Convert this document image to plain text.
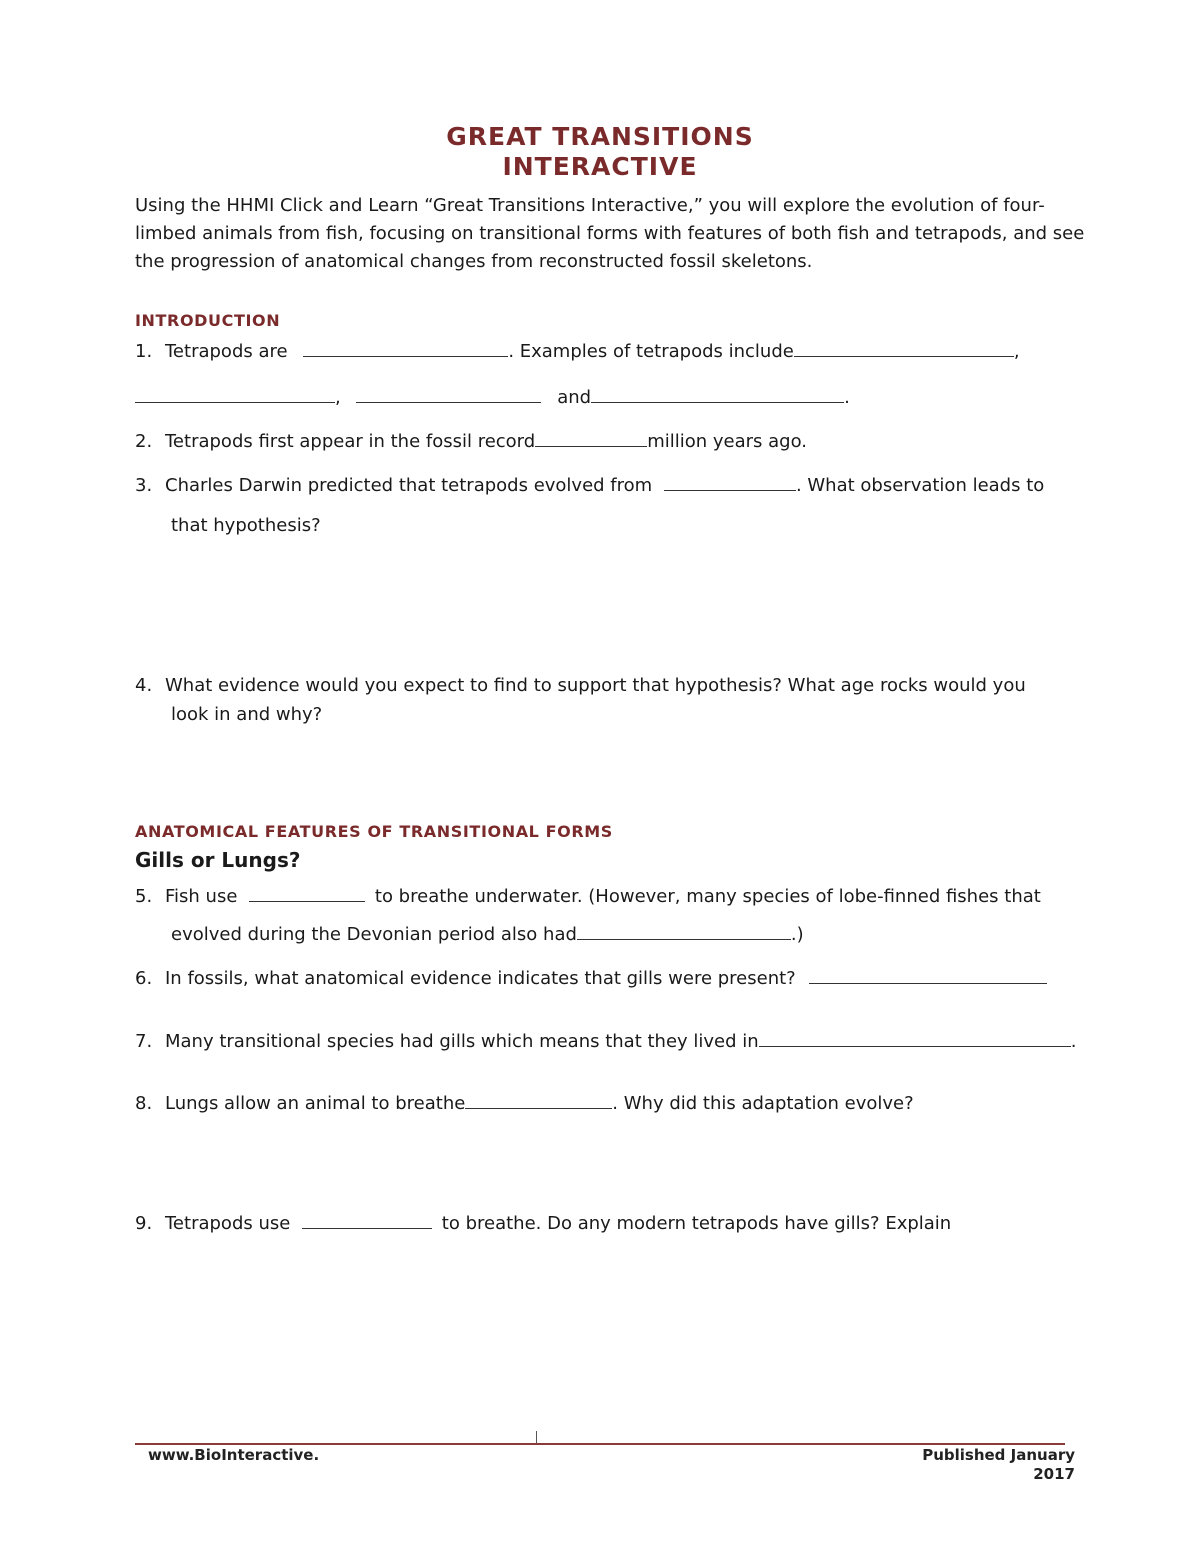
GREAT TRANSITIONS
INTERACTIVE
Using the HHMI Click and Learn “Great Transitions Interactive,” you will explore the evolution of four-
limbed animals from fish, focusing on transitional forms with features of both fish and tetrapods, and see
the progression of anatomical changes from reconstructed fossil skeletons.
INTRODUCTION
1. Tetrapods are	. Examples of tetrapods include	,
,	and	.
2. Tetrapods first appear in the fossil record	million years ago.
3. Charles Darwin predicted that tetrapods evolved from	. What observation leads to
that hypothesis?
4. What evidence would you expect to find to support that hypothesis? What age rocks would you
look in and why?
ANATOMICAL FEATURES OF TRANSITIONAL FORMS
Gills or Lungs?
5. Fish use	to breathe underwater. (However, many species of lobe-finned fishes that
evolved during the Devonian period also had	.)
6. In fossils, what anatomical evidence indicates that gills were present?
7. Many transitional species had gills which means that they lived in	.
8. Lungs allow an animal to breathe	. Why did this adaptation evolve?
9. Tetrapods use	to breathe. Do any modern tetrapods have gills? Explain
www.BioInteractive.	Published January
2017
